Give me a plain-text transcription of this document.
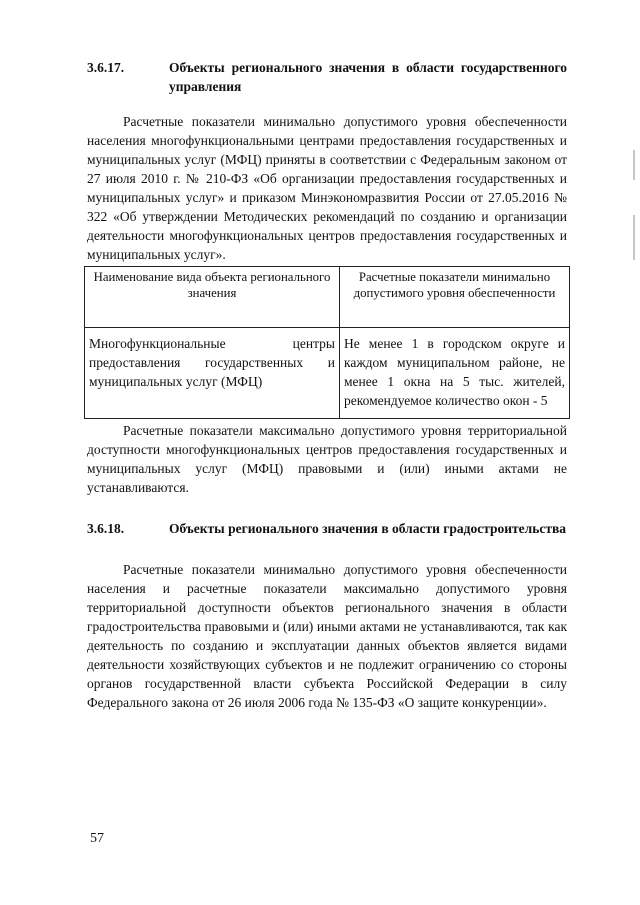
3.6.17.	Объекты регионального значения в области государственного управления

Расчетные показатели минимально допустимого уровня обеспеченности населения многофункциональными центрами предоставления государственных и муниципальных услуг (МФЦ) приняты в соответствии с Федеральным законом от 27 июля 2010 г. № 210-ФЗ «Об организации предоставления государственных и муниципальных услуг» и приказом Минэкономразвития России от 27.05.2016 № 322 «Об утверждении Методических рекомендаций по созданию и организации деятельности многофункциональных центров предоставления государственных и муниципальных услуг».

Наименование вида объекта регионального значения	Расчетные показатели минимально допустимого уровня обеспеченности
Многофункциональные центры предоставления государственных и муниципальных услуг (МФЦ)	Не менее 1 в городском округе и каждом муниципальном районе, не менее 1 окна на 5 тыс. жителей, рекомендуемое количество окон - 5

Расчетные показатели максимально допустимого уровня территориальной доступности многофункциональных центров предоставления государственных и муниципальных услуг (МФЦ) правовыми и (или) иными актами не устанавливаются.

3.6.18.	Объекты регионального значения в области градостроительства

Расчетные показатели минимально допустимого уровня обеспеченности населения и расчетные показатели максимально допустимого уровня территориальной доступности объектов регионального значения в области градостроительства правовыми и (или) иными актами не устанавливаются, так как деятельность по созданию и эксплуатации данных объектов является видами деятельности хозяйствующих субъектов и не подлежит ограничению со стороны органов государственной власти субъекта Российской Федерации в силу Федерального закона от 26 июля 2006 года № 135-ФЗ «О защите конкуренции».

57
